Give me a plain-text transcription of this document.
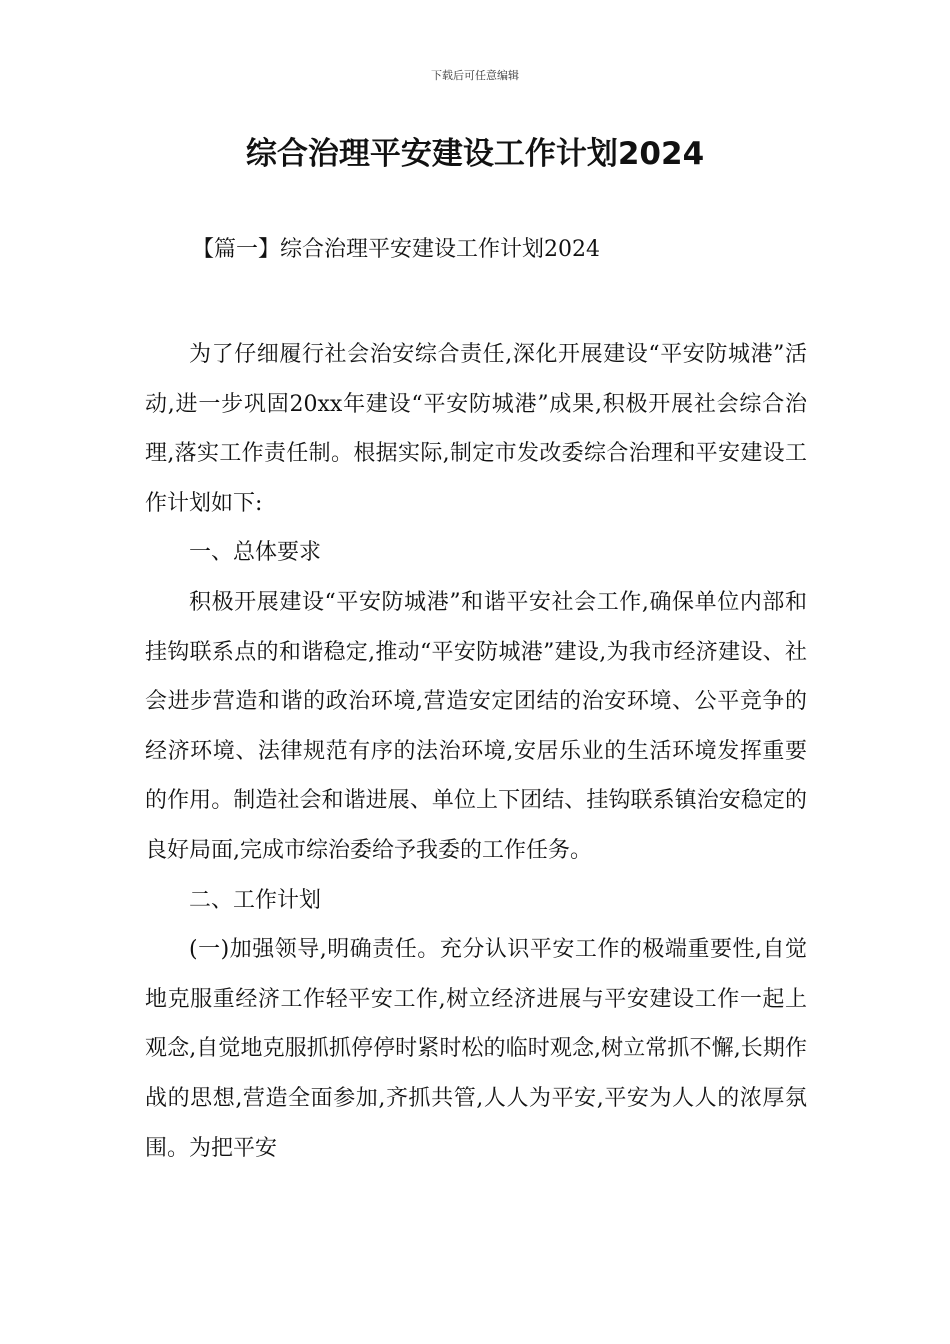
下载后可任意编辑
综合治理平安建设工作计划2024
【篇一】综合治理平安建设工作计划2024

为了仔细履行社会治安综合责任,深化开展建设“平安防城港”活动,进一步巩固20xx年建设“平安防城港”成果,积极开展社会综合治理,落实工作责任制。根据实际,制定市发改委综合治理和平安建设工作计划如下:

一、总体要求

积极开展建设“平安防城港”和谐平安社会工作,确保单位内部和挂钩联系点的和谐稳定,推动“平安防城港”建设,为我市经济建设、社会进步营造和谐的政治环境,营造安定团结的治安环境、公平竞争的经济环境、法律规范有序的法治环境,安居乐业的生活环境发挥重要的作用。制造社会和谐进展、单位上下团结、挂钩联系镇治安稳定的良好局面,完成市综治委给予我委的工作任务。

二、工作计划

(一)加强领导,明确责任。充分认识平安工作的极端重要性,自觉地克服重经济工作轻平安工作,树立经济进展与平安建设工作一起上观念,自觉地克服抓抓停停时紧时松的临时观念,树立常抓不懈,长期作战的思想,营造全面参加,齐抓共管,人人为平安,平安为人人的浓厚氛围。为把平安
